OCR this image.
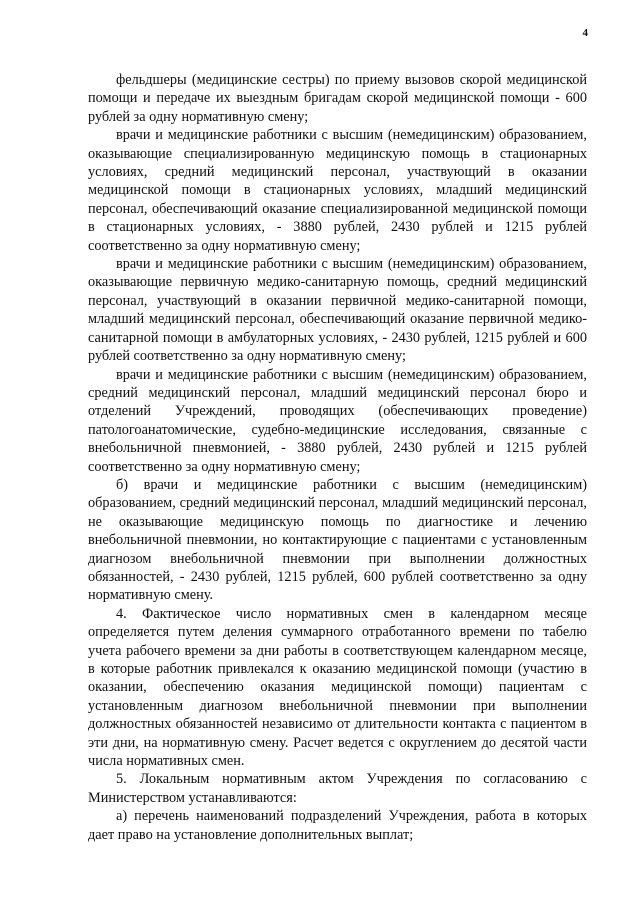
4

фельдшеры (медицинские сестры) по приему вызовов скорой медицинской помощи и передаче их выездным бригадам скорой медицинской помощи - 600 рублей за одну нормативную смену;

врачи и медицинские работники с высшим (немедицинским) образованием, оказывающие специализированную медицинскую помощь в стационарных условиях, средний медицинский персонал, участвующий в оказании медицинской помощи в стационарных условиях, младший медицинский персонал, обеспечивающий оказание специализированной медицинской помощи в стационарных условиях, - 3880 рублей, 2430 рублей и 1215 рублей соответственно за одну нормативную смену;

врачи и медицинские работники с высшим (немедицинским) образованием, оказывающие первичную медико-санитарную помощь, средний медицинский персонал, участвующий в оказании первичной медико-санитарной помощи, младший медицинский персонал, обеспечивающий оказание первичной медико-санитарной помощи в амбулаторных условиях, - 2430 рублей, 1215 рублей и 600 рублей соответственно за одну нормативную смену;

врачи и медицинские работники с высшим (немедицинским) образованием, средний медицинский персонал, младший медицинский персонал бюро и отделений Учреждений, проводящих (обеспечивающих проведение) патологоанатомические, судебно-медицинские исследования, связанные с внебольничной пневмонией, - 3880 рублей, 2430 рублей и 1215 рублей соответственно за одну нормативную смену;

б) врачи и медицинские работники с высшим (немедицинским) образованием, средний медицинский персонал, младший медицинский персонал, не оказывающие медицинскую помощь по диагностике и лечению внебольничной пневмонии, но контактирующие с пациентами с установленным диагнозом внебольничной пневмонии при выполнении должностных обязанностей, - 2430 рублей, 1215 рублей, 600 рублей соответственно за одну нормативную смену.

4. Фактическое число нормативных смен в календарном месяце определяется путем деления суммарного отработанного времени по табелю учета рабочего времени за дни работы в соответствующем календарном месяце, в которые работник привлекался к оказанию медицинской помощи (участию в оказании, обеспечению оказания медицинской помощи) пациентам с установленным диагнозом внебольничной пневмонии при выполнении должностных обязанностей независимо от длительности контакта с пациентом в эти дни, на нормативную смену. Расчет ведется с округлением до десятой части числа нормативных смен.

5. Локальным нормативным актом Учреждения по согласованию с Министерством устанавливаются:

а) перечень наименований подразделений Учреждения, работа в которых дает право на установление дополнительных выплат;
